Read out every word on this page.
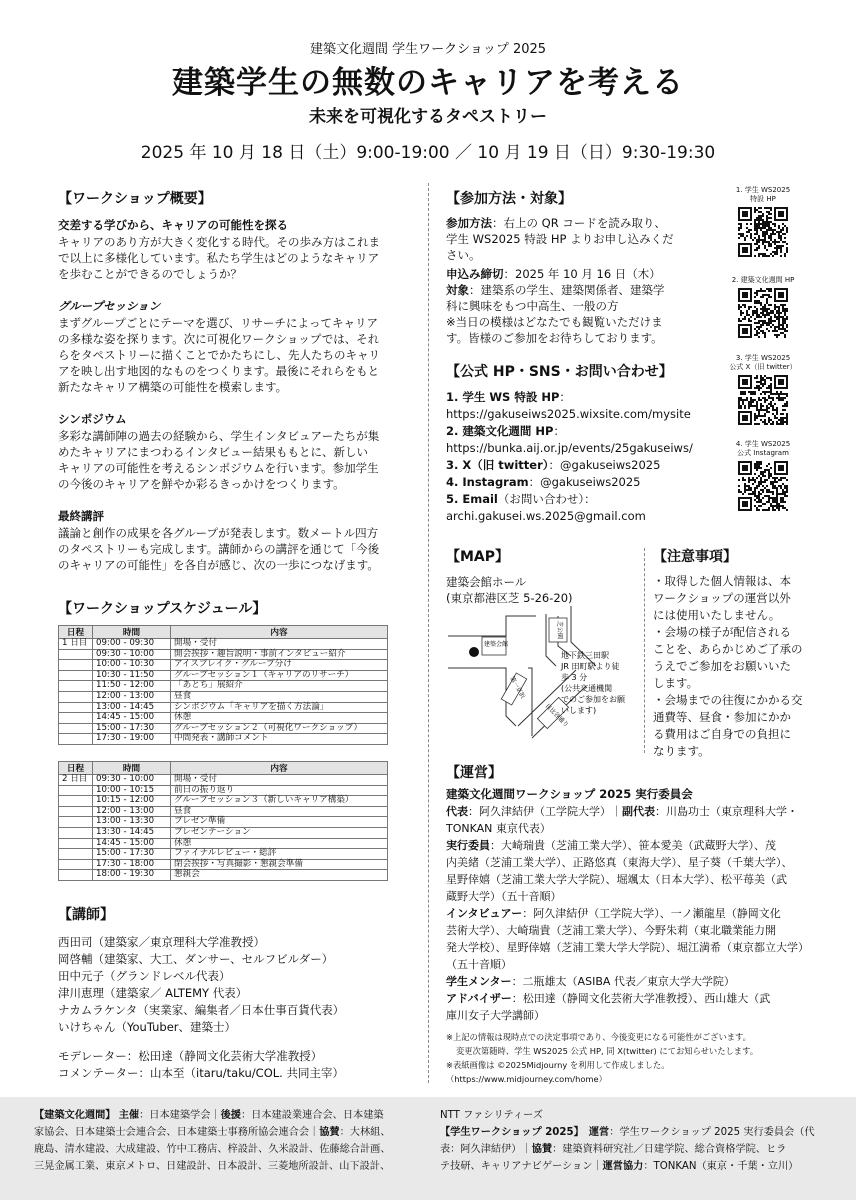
建築文化週間 学生ワークショップ 2025
建築学生の無数のキャリアを考える
未来を可視化するタペストリー
2025 年 10 月 18 日（土）9:00-19:00 ／ 10 月 19 日（日）9:30-19:30
【ワークショップ概要】
交差する学びから、キャリアの可能性を探る
キャリアのあり方が大きく変化する時代。その歩み方はこれま
で以上に多様化しています。私たち学生はどのようなキャリア
を歩むことができるのでしょうか？
グループセッション
まずグループごとにテーマを選び、リサーチによってキャリア
の多様な姿を探ります。次に可視化ワークショップでは、それ
らをタペストリーに描くことでかたちにし、先人たちのキャリ
アを映し出す地図的なものをつくります。最後にそれらをもと
新たなキャリア構築の可能性を模索します。
シンポジウム
多彩な講師陣の過去の経験から、学生インタビュアーたちが集
めたキャリアにまつわるインタビュー結果ももとに、新しい
キャリアの可能性を考えるシンポジウムを行います。参加学生
の今後のキャリアを鮮やか彩るきっかけをつくります。
最終講評
議論と創作の成果を各グループが発表します。数メートル四方
のタペストリーも完成します。講師からの講評を通じて「今後
のキャリアの可能性」を各自が感じ、次の一歩につなげます。
【ワークショップスケジュール】
日程	時間	内容
1 日目	09:00 - 09:30	開場・受付
	09:30 - 10:00	開会挨拶・趣旨説明・事前インタビュー紹介
	10:00 - 10:30	アイスブレイク・グループ分け
	10:30 - 11:50	グループセッション１（キャリアのリサーチ）
	11:50 - 12:00	「あとち」展紹介
	12:00 - 13:00	昼食
	13:00 - 14:45	シンポジウム「キャリアを描く方法論」
	14:45 - 15:00	休憩
	15:00 - 17:30	グループセッション２（可視化ワークショップ）
	17:30 - 19:00	中間発表・講師コメント
日程	時間	内容
2 日目	09:30 - 10:00	開場・受付
	10:00 - 10:15	前日の振り返り
	10:15 - 12:00	グループセッション３（新しいキャリア構築）
	12:00 - 13:00	昼食
	13:00 - 13:30	プレゼン準備
	13:30 - 14:45	プレゼンテーション
	14:45 - 15:00	休憩
	15:00 - 17:30	ファイナルレビュー・総評
	17:30 - 18:00	閉会挨拶・写真撮影・懇親会準備
	18:00 - 19:30	懇親会
【講師】
西田司（建築家／東京理科大学准教授）
岡啓輔（建築家、大工、ダンサー、セルフビルダー）
田中元子（グランドレベル代表）
津川恵理（建築家／ ALTEMY 代表）
ナカムラケンタ（実業家、編集者／日本仕事百貨代表）
いけちゃん（YouTuber、建築士）
モデレーター：松田達（静岡文化芸術大学准教授）
コメンテーター：山本至（itaru/taku/COL. 共同主宰）
【参加方法・対象】
参加方法：右上の QR コードを読み取り、
学生 WS2025 特設 HP よりお申し込みくだ
さい。
申込み締切：2025 年 10 月 16 日（木）
対象：建築系の学生、建築関係者、建築学
科に興味をもつ中高生、一般の方
※当日の模様はどなたでも観覧いただけま
す。皆様のご参加をお待ちしております。
【公式 HP・SNS・お問い合わせ】
1. 学生 WS 特設 HP：
https://gakuseiws2025.wixsite.com/mysite
2. 建築文化週間 HP：
https://bunka.aij.or.jp/events/25gakuseiws/
3. X（旧 twitter）：@gakuseiws2025
4. Instagram：@gakuseiws2025
5. Email（お問い合わせ）：
archi.gakusei.ws.2025@gmail.com
1. 学生 WS2025
特設 HP
2. 建築文化週間 HP
3. 学生 WS2025
公式 X（旧 twitter）
4. 学生 WS2025
公式 Instagram
【MAP】
建築会館ホール
(東京都港区芝 5-26-20)
建築会館
芝公園
第一京浜
日比谷通り
地下鉄三田駅 JR 田町駅より徒 歩 3 分 (公共交通機関 でのご参加をお願 いします)
【注意事項】
・取得した個人情報は、本
ワークショップの運営以外
には使用いたしません。
・会場の様子が配信される
ことを、あらかじめご了承の
うえでご参加をお願いいた
します。
・会場までの往復にかかる交
通費等、昼食・参加にかか
る費用はご自身での負担に
なります。
【運営】
建築文化週間ワークショップ 2025 実行委員会
代表：阿久津結伊（工学院大学）｜副代表：川島功士（東京理科大学・
TONKAN 東京代表）
実行委員：大崎瑞貴（芝浦工業大学）、笹本愛美（武蔵野大学）、茂
内美緒（芝浦工業大学）、正路悠真（東海大学）、星子葵（千葉大学）、
星野倖嬉（芝浦工業大学大学院）、堀颯太（日本大学）、松平苺美（武
蔵野大学）（五十音順）
インタビュアー：阿久津結伊（工学院大学）、一ノ瀬龍星（静岡文化
芸術大学）、大崎瑞貴（芝浦工業大学）、今野朱莉（東北職業能力開
発大学校）、星野倖嬉（芝浦工業大学大学院）、堀江満希（東京都立大学）
（五十音順）
学生メンター：二瓶雄太（ASIBA 代表／東京大学大学院）
アドバイザー：松田達（静岡文化芸術大学准教授）、西山雄大（武
庫川女子大学講師）
※上記の情報は現時点での決定事項であり、今後変更になる可能性がございます。
変更次第随時、学生 WS2025 公式 HP, 同 X(twitter) にてお知らせいたします。
※表紙画像は ©2025Midjourny を利用して作成しました。
（https://www.midjourney.com/home）
【建築文化週間】 主催：日本建築学会｜後援：日本建設業連合会、日本建築
家協会、日本建築士会連合会、日本建築士事務所協会連合会｜協賛：大林組、
鹿島、清水建設、大成建設、竹中工務店、梓設計、久米設計、佐藤総合計画、
三晃金属工業、東京メトロ、日建設計、日本設計、三菱地所設計、山下設計、
NTT ファシリティーズ
【学生ワークショップ 2025】　 運営：学生ワークショップ 2025 実行委員会（代
表：阿久津結伊）｜協賛：建築資料研究社／日建学院、総合資格学院、ヒラ
テ技研、キャリアナビゲーション｜運営協力：TONKAN（東京・千葉・立川）
